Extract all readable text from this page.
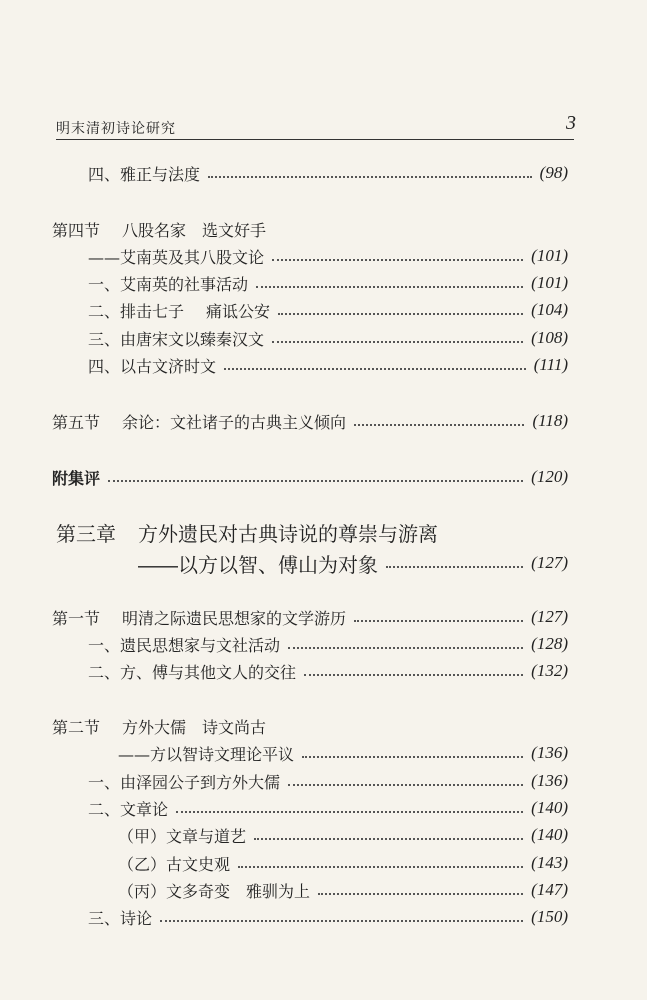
明末清初诗论研究	3
四、雅正与法度	(98)
第四节 八股名家　选文好手
——艾南英及其八股文论	(101)
一、艾南英的社事活动	(101)
二、排击七子 痛诋公安	(104)
三、由唐宋文以臻秦汉文	(108)
四、以古文济时文	(111)
第五节 余论：文社诸子的古典主义倾向	(118)
附集评	(120)
第三章 方外遗民对古典诗说的尊崇与游离
——以方以智、傅山为对象	(127)
第一节 明清之际遗民思想家的文学游历	(127)
一、遗民思想家与文社活动	(128)
二、方、傅与其他文人的交往	(132)
第二节 方外大儒　诗文尚古
——方以智诗文理论平议	(136)
一、由泽园公子到方外大儒	(136)
二、文章论	(140)
（甲）文章与道艺	(140)
（乙）古文史观	(143)
（丙）文多奇变　雅驯为上	(147)
三、诗论	(150)
